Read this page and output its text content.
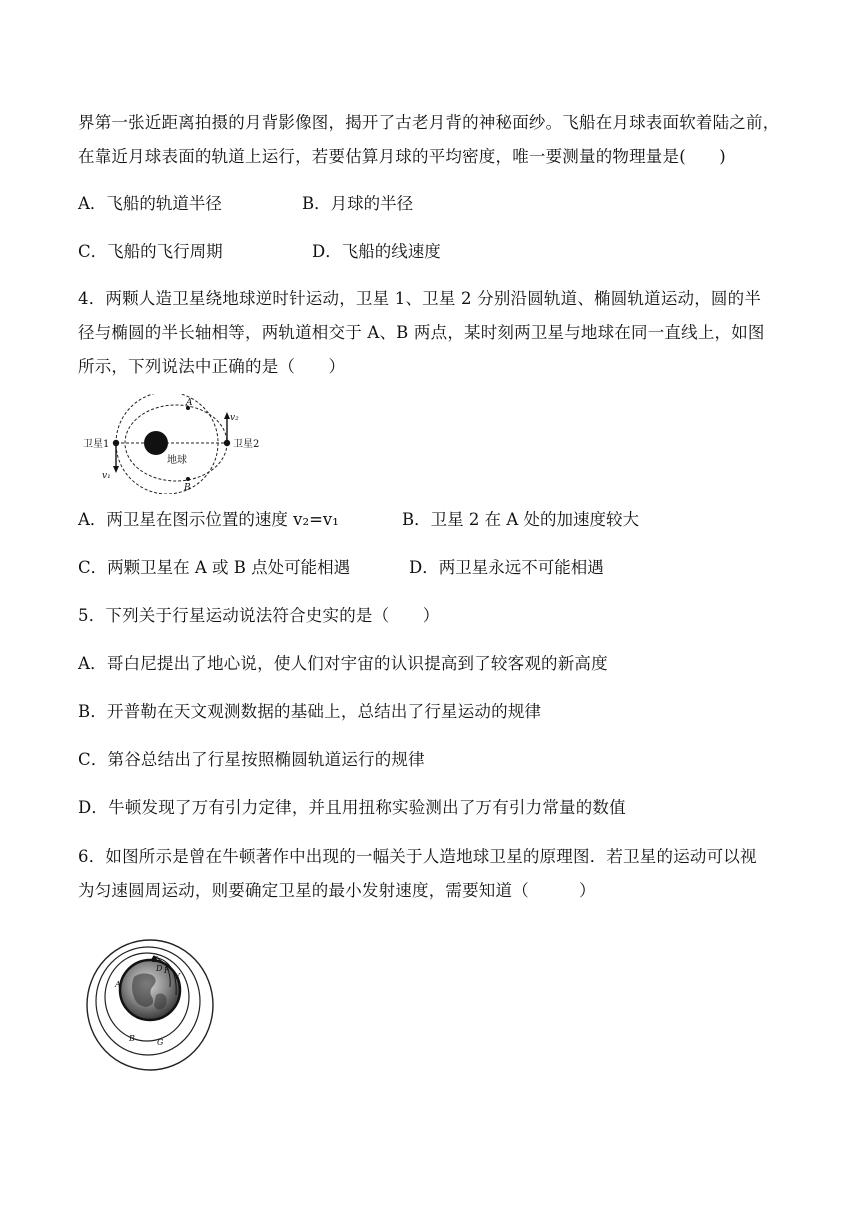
界第一张近距离拍摄的月背影像图，揭开了古老月背的神秘面纱。飞船在月球表面软着陆之前，
在靠近月球表面的轨道上运行，若要估算月球的平均密度，唯一要测量的物理量是(　　)
A．飞船的轨道半径	B．月球的半径
C．飞船的飞行周期	D．飞船的线速度
4．两颗人造卫星绕地球逆时针运动，卫星 1、卫星 2 分别沿圆轨道、椭圆轨道运动，圆的半
径与椭圆的半长轴相等，两轨道相交于 A、B 两点，某时刻两卫星与地球在同一直线上，如图
所示，下列说法中正确的是（　　）
卫星1	卫星2
地球
A
B
v₁
v₂
A．两卫星在图示位置的速度 v₂=v₁	B．卫星 2 在 A 处的加速度较大
C．两颗卫星在 A 或 B 点处可能相遇	D．两卫星永远不可能相遇
5．下列关于行星运动说法符合史实的是（　　）
A．哥白尼提出了地心说，使人们对宇宙的认识提高到了较客观的新高度
B．开普勒在天文观测数据的基础上，总结出了行星运动的规律
C．第谷总结出了行星按照椭圆轨道运行的规律
D．牛顿发现了万有引力定律，并且用扭称实验测出了万有引力常量的数值
6．如图所示是曾在牛顿著作中出现的一幅关于人造地球卫星的原理图．若卫星的运动可以视
为匀速圆周运动，则要确定卫星的最小发射速度，需要知道（　　　）
E
D F
V
A
B	G
